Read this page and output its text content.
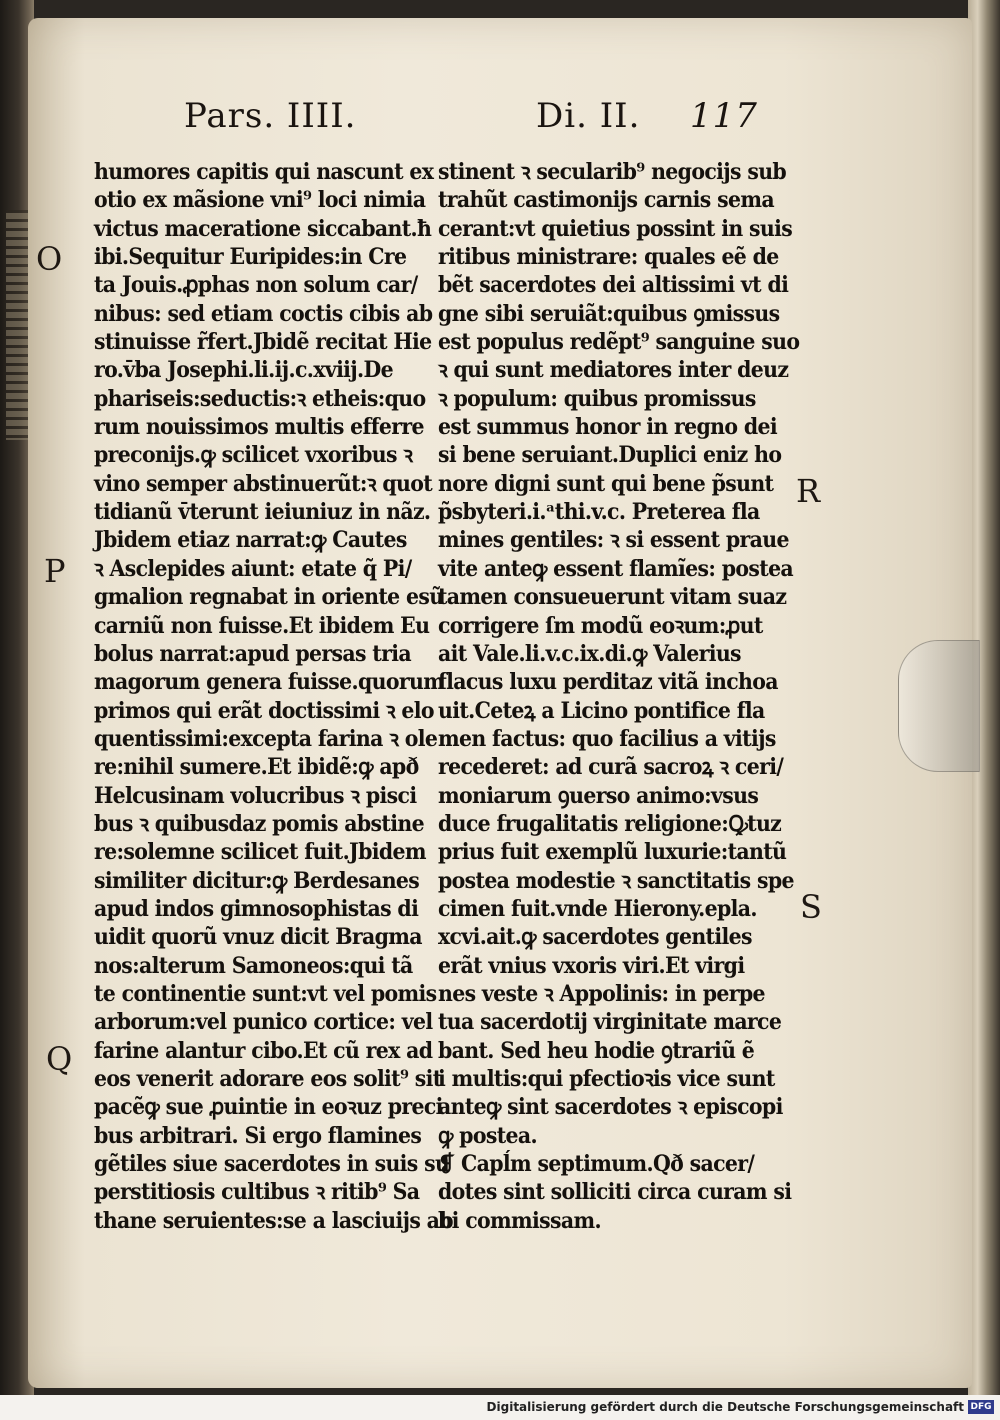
Pars. IIII.	Di. II. 117
O
P
Q
R
S
humores capitis qui nascunt ex
otio ex mãsione vni⁹ loci nimia
victus maceratione siccabant.ħ
ibi.Sequitur Euripides:in Cre
ta Jouis.ꝓphas non solum car/
nibus: sed etiam coctis cibis ab
stinuisse r̃fert.Jbidẽ recitat Hie
ro.v̄ba Josephi.li.ij.c.xviij.De
phariseis:seductis:ꝛ etheis:quo
rum nouissimos multis efferre
preconijs.ꝙ scilicet vxoribus ꝛ
vino semper abstinuerũt:ꝛ quot
tidianũ v̄terunt ieiuniuz in nãz.
Jbidem etiaz narrat:ꝙ Cautes
ꝛ Asclepides aiunt: etate q̃ Pi/
gmalion regnabat in oriente esũ
carniũ non fuisse.Et ibidem Eu
bolus narrat:apud persas tria
magorum genera fuisse.quorum
primos qui erãt doctissimi ꝛ elo
quentissimi:excepta farina ꝛ ole
re:nihil sumere.Et ibidẽ:ꝙ apð
Helcusinam volucribus ꝛ pisci
bus ꝛ quibusdaz pomis abstine
re:solemne scilicet fuit.Jbidem
similiter dicitur:ꝙ Berdesanes
apud indos gimnosophistas di
uidit quorũ vnuz dicit Bragma
nos:alterum Samoneos:qui tã
te continentie sunt:vt vel pomis
arborum:vel punico cortice: vel
farine alantur cibo.Et cũ rex ad
eos venerit adorare eos solit⁹ sit
pacẽꝙ sue ꝓuintie in eoꝛuz preci
bus arbitrari. Si ergo flamines
gẽtiles siue sacerdotes in suis su
perstitiosis cultibus ꝛ ritib⁹ Sa
thane seruientes:se a lasciuijs ab
stinent ꝛ secularib⁹ negocijs sub
trahũt castimonijs carnis sema
cerant:vt quietius possint in suis
ritibus ministrare: quales eẽ de
bẽt sacerdotes dei altissimi vt di
gne sibi seruiãt:quibus ꝯmissus
est populus redẽpt⁹ sanguine suo
ꝛ qui sunt mediatores inter deuz
ꝛ populum: quibus promissus
est summus honor in regno dei
si bene seruiant.Duplici eniz ho
nore digni sunt qui bene p̃sunt
p̃sbyteri.i.ᵃthi.v.c. Preterea fla
mines gentiles: ꝛ si essent praue
vite anteꝙ essent flamĩes: postea
tamen consueuerunt vitam suaz
corrigere ſm modũ eoꝛum:ꝓut
ait Vale.li.v.c.ix.di.ꝙ Valerius
flacus luxu perditaz vitã inchoa
uit.Ceteꝝ a Licino pontifice fla
men factus: quo facilius a vitijs
recederet: ad curã sacroꝝ ꝛ ceri/
moniarum ꝯuerso animo:vsus
duce frugalitatis religione:Ꝙtuz
prius fuit exemplũ luxurie:tantũ
postea modestie ꝛ sanctitatis spe
cimen fuit.vnde Hierony.epla.
xcvi.ait.ꝙ sacerdotes gentiles
erãt vnius vxoris viri.Et virgi
nes veste ꝛ Appolinis: in perpe
tua sacerdotij virginitate marce
bant. Sed heu hodie ꝯtrariũ ẽ
i multis:qui pfectioꝛis vice sunt
anteꝙ sint sacerdotes ꝛ episcopi
ꝙ postea.
❡ Capĺm septimum.Qð sacer/
dotes sint solliciti circa curam si
bi commissam.
Digitalisierung gefördert durch die Deutsche Forschungsgemeinschaft DFG
